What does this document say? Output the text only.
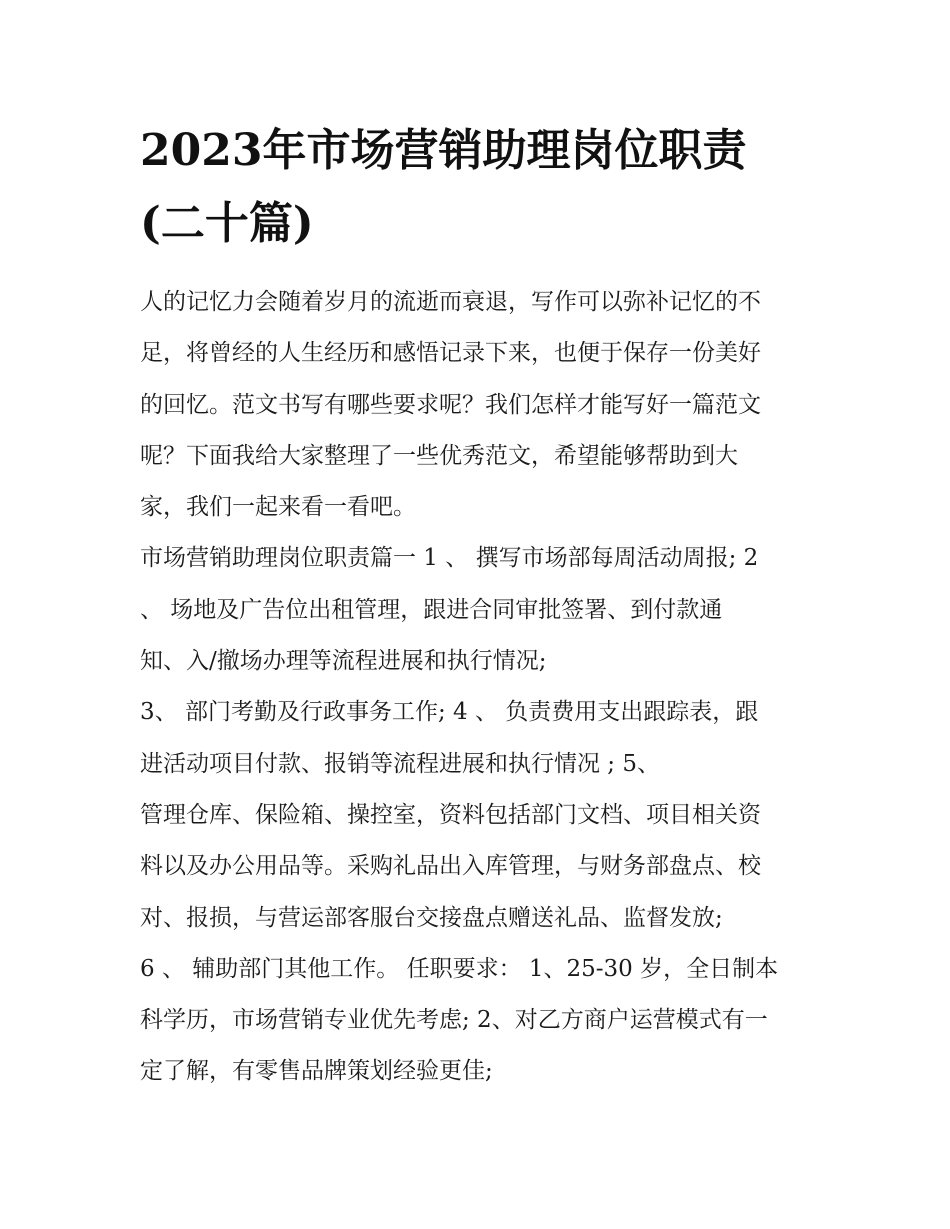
2023年市场营销助理岗位职责
(二十篇)
人的记忆力会随着岁月的流逝而衰退，写作可以弥补记忆的不
足，将曾经的人生经历和感悟记录下来，也便于保存一份美好
的回忆。范文书写有哪些要求呢？我们怎样才能写好一篇范文
呢？下面我给大家整理了一些优秀范文，希望能够帮助到大
家，我们一起来看一看吧。
市场营销助理岗位职责篇一 1 、 撰写市场部每周活动周报; 2
、 场地及广告位出租管理，跟进合同审批签署、到付款通
知、入/撤场办理等流程进展和执行情况;
3、 部门考勤及行政事务工作; 4 、 负责费用支出跟踪表，跟
进活动项目付款、报销等流程进展和执行情况 ; 5、
管理仓库、保险箱、操控室，资料包括部门文档、项目相关资
料以及办公用品等。采购礼品出入库管理，与财务部盘点、校
对、报损，与营运部客服台交接盘点赠送礼品、监督发放;
6 、 辅助部门其他工作。 任职要求： 1、25-30 岁，全日制本
科学历，市场营销专业优先考虑; 2、对乙方商户运营模式有一
定了解，有零售品牌策划经验更佳;
